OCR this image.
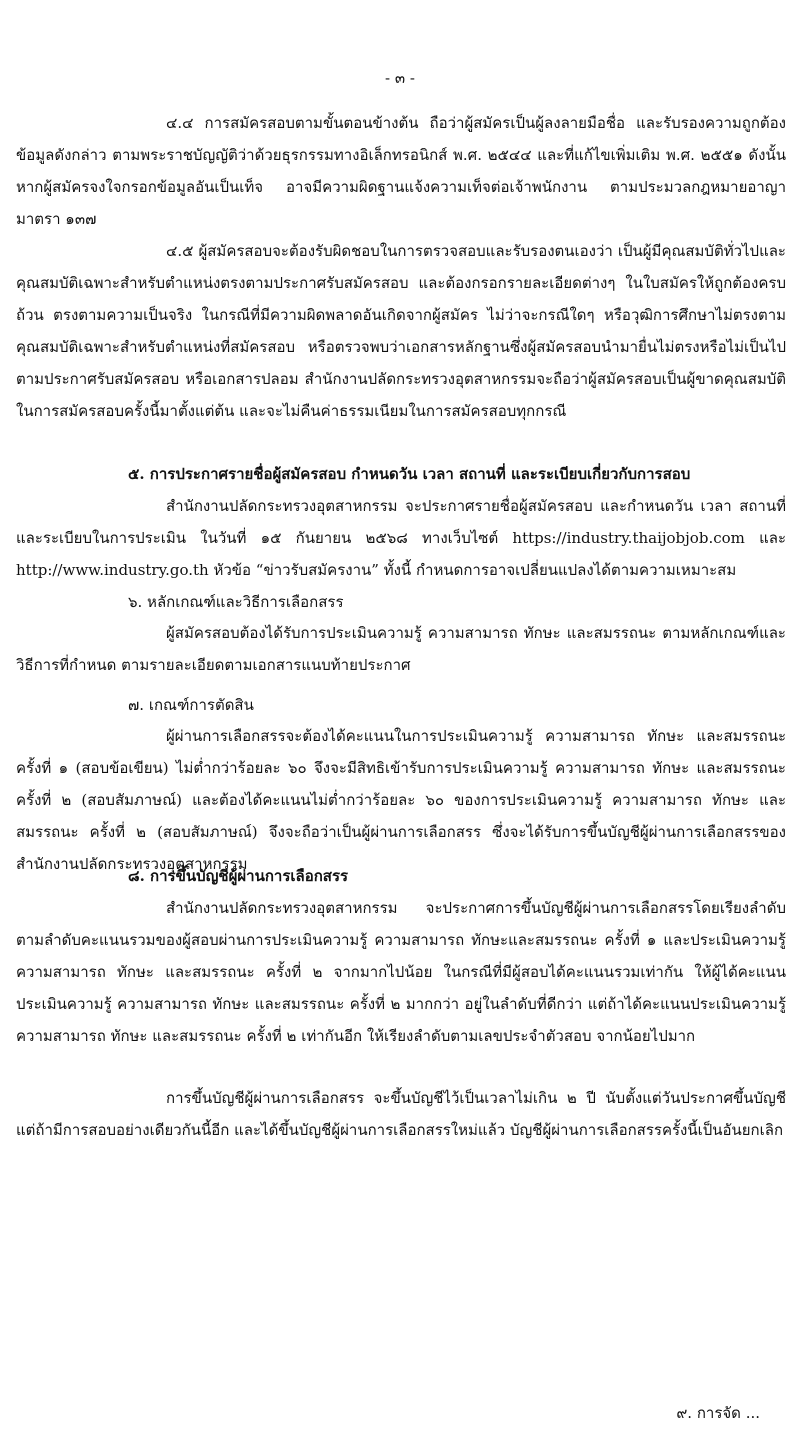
- ๓ -
๔.๔ การสมัครสอบตามขั้นตอนข้างต้น ถือว่าผู้สมัครเป็นผู้ลงลายมือชื่อ และรับรองความถูกต้องข้อมูลดังกล่าว ตามพระราชบัญญัติว่าด้วยธุรกรรมทางอิเล็กทรอนิกส์ พ.ศ. ๒๕๔๔ และที่แก้ไขเพิ่มเติม พ.ศ. ๒๕๕๑ ดังนั้น หากผู้สมัครจงใจกรอกข้อมูลอันเป็นเท็จ อาจมีความผิดฐานแจ้งความเท็จต่อเจ้าพนักงาน ตามประมวลกฎหมายอาญา มาตรา ๑๓๗
๔.๕ ผู้สมัครสอบจะต้องรับผิดชอบในการตรวจสอบและรับรองตนเองว่า เป็นผู้มีคุณสมบัติทั่วไปและคุณสมบัติเฉพาะสำหรับตำแหน่งตรงตามประกาศรับสมัครสอบ และต้องกรอกรายละเอียดต่างๆ ในใบสมัครให้ถูกต้องครบถ้วน ตรงตามความเป็นจริง ในกรณีที่มีความผิดพลาดอันเกิดจากผู้สมัคร ไม่ว่าจะกรณีใดๆ หรือวุฒิการศึกษาไม่ตรงตามคุณสมบัติเฉพาะสำหรับตำแหน่งที่สมัครสอบ หรือตรวจพบว่าเอกสารหลักฐานซึ่งผู้สมัครสอบนำมายื่นไม่ตรงหรือไม่เป็นไปตามประกาศรับสมัครสอบ หรือเอกสารปลอม สำนักงานปลัดกระทรวงอุตสาหกรรมจะถือว่าผู้สมัครสอบเป็นผู้ขาดคุณสมบัติในการสมัครสอบครั้งนี้มาตั้งแต่ต้น และจะไม่คืนค่าธรรมเนียมในการสมัครสอบทุกกรณี
๕. การประกาศรายชื่อผู้สมัครสอบ กำหนดวัน เวลา สถานที่ และระเบียบเกี่ยวกับการสอบ
สำนักงานปลัดกระทรวงอุตสาหกรรม จะประกาศรายชื่อผู้สมัครสอบ และกำหนดวัน เวลา สถานที่ และระเบียบในการประเมิน ในวันที่ ๑๕ กันยายน ๒๕๖๘ ทางเว็บไซต์ https://industry.thaijobjob.com และ http://www.industry.go.th หัวข้อ “ข่าวรับสมัครงาน” ทั้งนี้ กำหนดการอาจเปลี่ยนแปลงได้ตามความเหมาะสม
๖. หลักเกณฑ์และวิธีการเลือกสรร
ผู้สมัครสอบต้องได้รับการประเมินความรู้ ความสามารถ ทักษะ และสมรรถนะ ตามหลักเกณฑ์และวิธีการที่กำหนด ตามรายละเอียดตามเอกสารแนบท้ายประกาศ
๗. เกณฑ์การตัดสิน
ผู้ผ่านการเลือกสรรจะต้องได้คะแนนในการประเมินความรู้ ความสามารถ ทักษะ และสมรรถนะ ครั้งที่ ๑ (สอบข้อเขียน) ไม่ต่ำกว่าร้อยละ ๖๐ จึงจะมีสิทธิเข้ารับการประเมินความรู้ ความสามารถ ทักษะ และสมรรถนะ ครั้งที่ ๒ (สอบสัมภาษณ์) และต้องได้คะแนนไม่ต่ำกว่าร้อยละ ๖๐ ของการประเมินความรู้ ความสามารถ ทักษะ และสมรรถนะ ครั้งที่ ๒ (สอบสัมภาษณ์) จึงจะถือว่าเป็นผู้ผ่านการเลือกสรร ซึ่งจะได้รับการขึ้นบัญชีผู้ผ่านการเลือกสรรของสำนักงานปลัดกระทรวงอุตสาหกรรม
๘. การขึ้นบัญชีผู้ผ่านการเลือกสรร
สำนักงานปลัดกระทรวงอุตสาหกรรม จะประกาศการขึ้นบัญชีผู้ผ่านการเลือกสรรโดยเรียงลำดับตามลำดับคะแนนรวมของผู้สอบผ่านการประเมินความรู้ ความสามารถ ทักษะและสมรรถนะ ครั้งที่ ๑ และประเมินความรู้ ความสามารถ ทักษะ และสมรรถนะ ครั้งที่ ๒ จากมากไปน้อย ในกรณีที่มีผู้สอบได้คะแนนรวมเท่ากัน ให้ผู้ได้คะแนนประเมินความรู้ ความสามารถ ทักษะ และสมรรถนะ ครั้งที่ ๒ มากกว่า อยู่ในลำดับที่ดีกว่า แต่ถ้าได้คะแนนประเมินความรู้ ความสามารถ ทักษะ และสมรรถนะ ครั้งที่ ๒ เท่ากันอีก ให้เรียงลำดับตามเลขประจำตัวสอบ จากน้อยไปมาก
การขึ้นบัญชีผู้ผ่านการเลือกสรร จะขึ้นบัญชีไว้เป็นเวลาไม่เกิน ๒ ปี นับตั้งแต่วันประกาศขึ้นบัญชี แต่ถ้ามีการสอบอย่างเดียวกันนี้อีก และได้ขึ้นบัญชีผู้ผ่านการเลือกสรรใหม่แล้ว บัญชีผู้ผ่านการเลือกสรรครั้งนี้เป็นอันยกเลิก
๙. การจัด ...
